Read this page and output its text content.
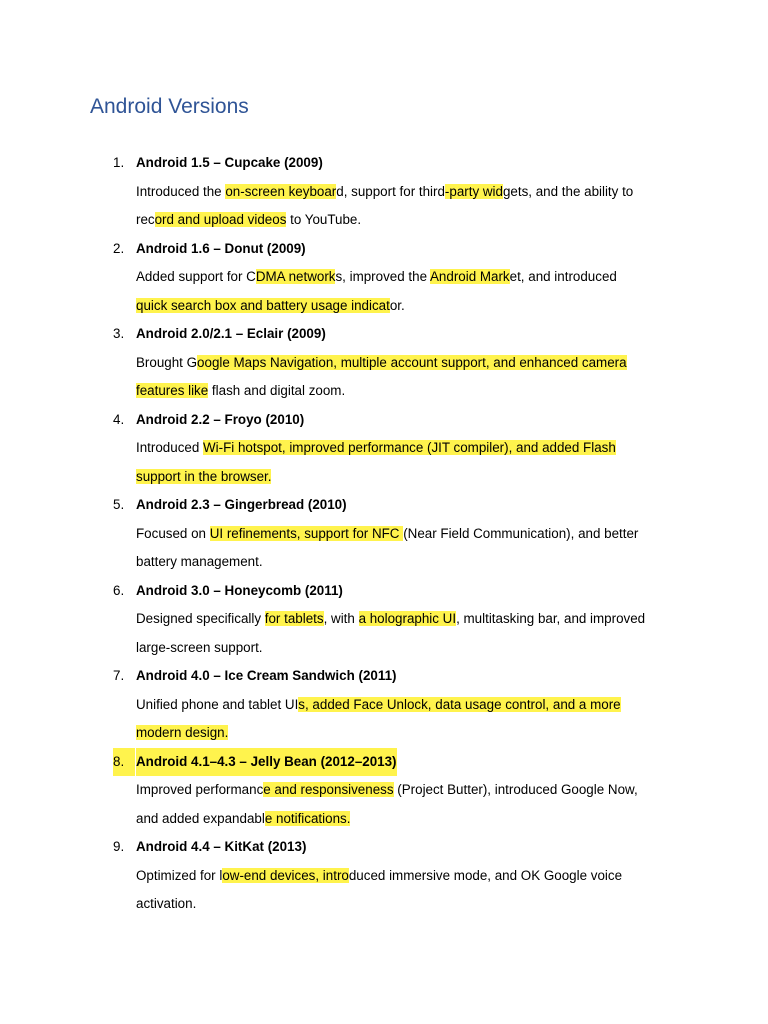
Android Versions
1. Android 1.5 – Cupcake (2009)
Introduced the on-screen keyboard, support for third-party widgets, and the ability to
record and upload videos to YouTube.
2. Android 1.6 – Donut (2009)
Added support for CDMA networks, improved the Android Market, and introduced
quick search box and battery usage indicator.
3. Android 2.0/2.1 – Eclair (2009)
Brought Google Maps Navigation, multiple account support, and enhanced camera
features like flash and digital zoom.
4. Android 2.2 – Froyo (2010)
Introduced Wi-Fi hotspot, improved performance (JIT compiler), and added Flash
support in the browser.
5. Android 2.3 – Gingerbread (2010)
Focused on UI refinements, support for NFC (Near Field Communication), and better
battery management.
6. Android 3.0 – Honeycomb (2011)
Designed specifically for tablets, with a holographic UI, multitasking bar, and improved
large-screen support.
7. Android 4.0 – Ice Cream Sandwich (2011)
Unified phone and tablet UIs, added Face Unlock, data usage control, and a more
modern design.
8. Android 4.1–4.3 – Jelly Bean (2012–2013)
Improved performance and responsiveness (Project Butter), introduced Google Now,
and added expandable notifications.
9. Android 4.4 – KitKat (2013)
Optimized for low-end devices, introduced immersive mode, and OK Google voice
activation.
